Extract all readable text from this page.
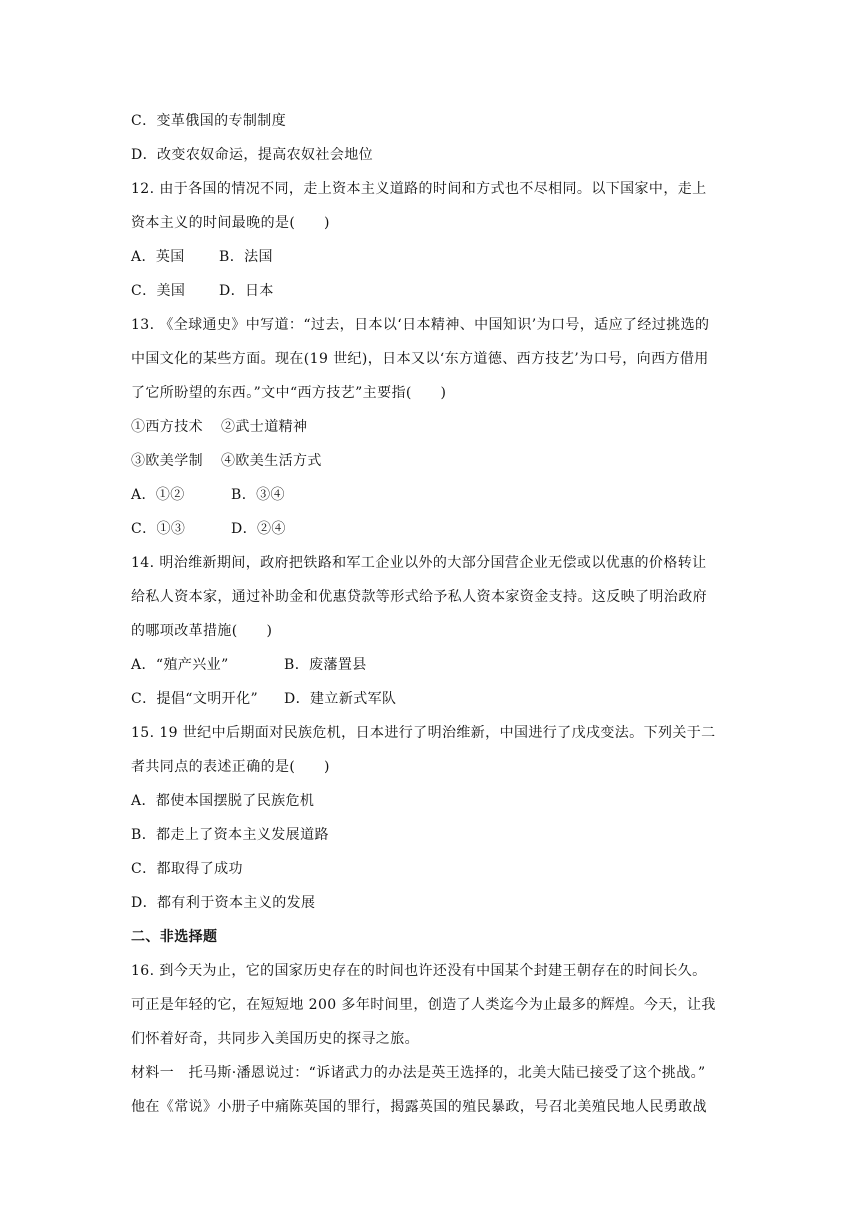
C．变革俄国的专制制度
D．改变农奴命运，提高农奴社会地位
12. 由于各国的情况不同，走上资本主义道路的时间和方式也不尽相同。以下国家中，走上
资本主义的时间最晚的是(　　)
A．英国 B．法国
C．美国 D．日本
13. 《全球通史》中写道：“过去，日本以‘日本精神、中国知识’为口号，适应了经过挑选的
中国文化的某些方面。现在(19 世纪)，日本又以‘东方道德、西方技艺’为口号，向西方借用
了它所盼望的东西。”文中“西方技艺”主要指(　　)
①西方技术 ②武士道精神
③欧美学制 ④欧美生活方式
A．①②	B．③④
C．①③	D．②④
14. 明治维新期间，政府把铁路和军工企业以外的大部分国营企业无偿或以优惠的价格转让
给私人资本家，通过补助金和优惠贷款等形式给予私人资本家资金支持。这反映了明治政府
的哪项改革措施(　　)
A．“殖产兴业”	B．废藩置县
C．提倡“文明开化” D．建立新式军队
15. 19 世纪中后期面对民族危机，日本进行了明治维新，中国进行了戊戌变法。下列关于二
者共同点的表述正确的是(　　)
A．都使本国摆脱了民族危机
B．都走上了资本主义发展道路
C．都取得了成功
D．都有利于资本主义的发展
二、非选择题
16. 到今天为止，它的国家历史存在的时间也许还没有中国某个封建王朝存在的时间长久。
可正是年轻的它，在短短地 200 多年时间里，创造了人类迄今为止最多的辉煌。今天，让我
们怀着好奇，共同步入美国历史的探寻之旅。
材料一　托马斯·潘恩说过：“诉诸武力的办法是英王选择的，北美大陆已接受了这个挑战。”
他在《常说》小册子中痛陈英国的罪行，揭露英国的殖民暴政，号召北美殖民地人民勇敢战
